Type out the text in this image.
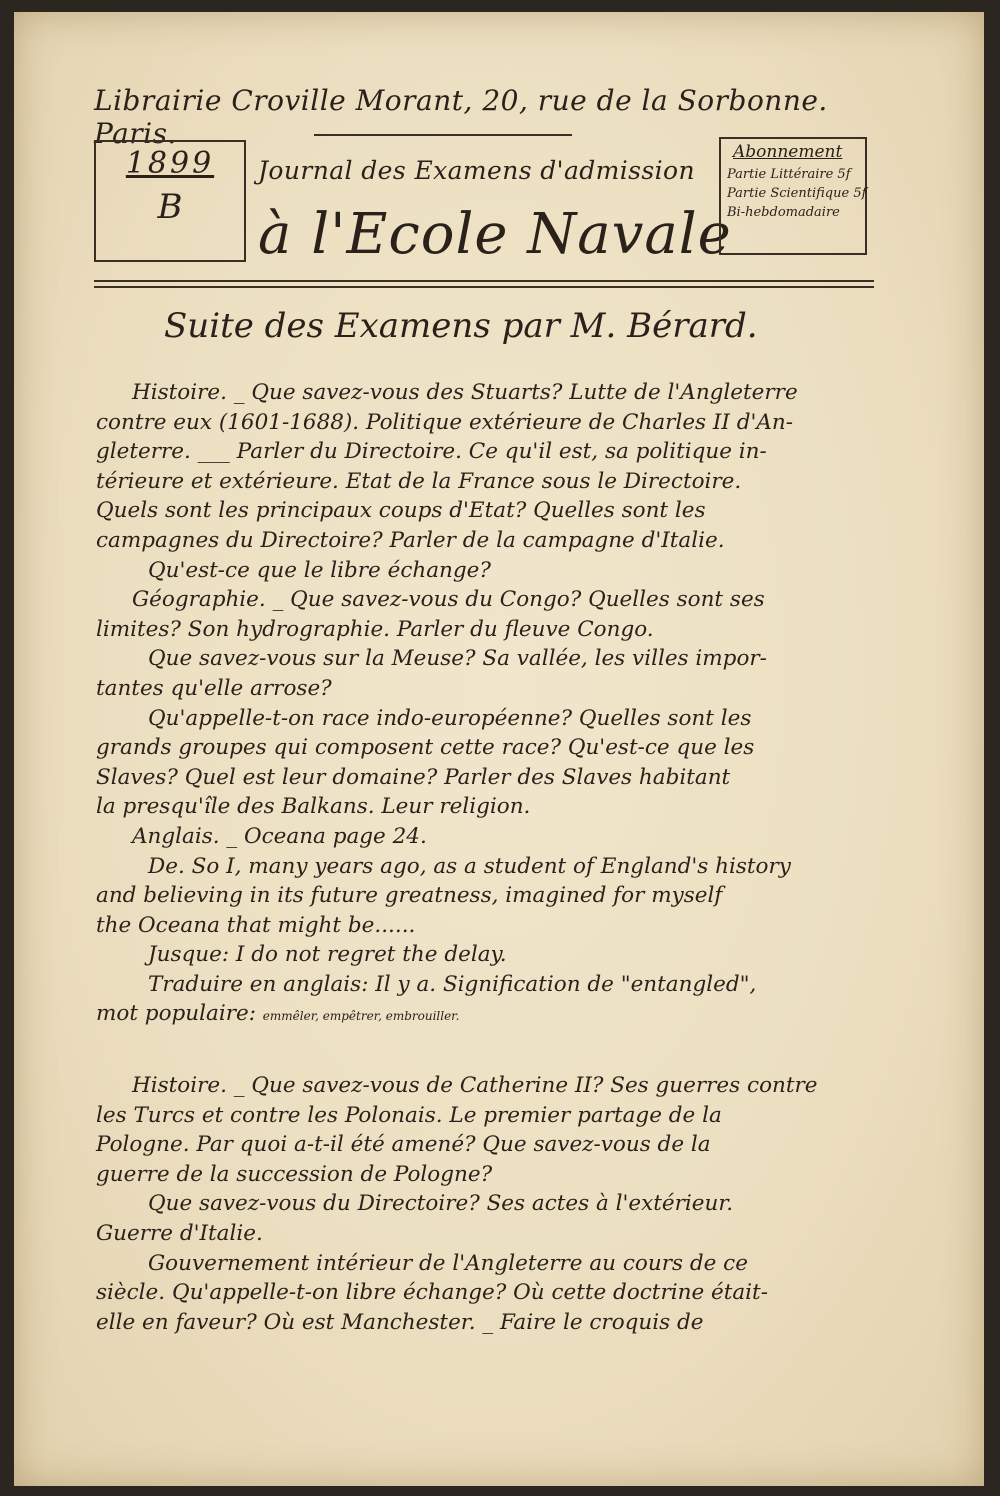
Librairie Croville Morant, 20, rue de la Sorbonne. Paris.
1899
B
Journal des Examens d'admission
à l'Ecole Navale
Abonnement
Partie Littéraire 5f
Partie Scientifique 5f
Bi-hebdomadaire
Suite des Examens par M. Bérard.
Histoire. _ Que savez-vous des Stuarts? Lutte de l'Angleterre
contre eux (1601-1688). Politique extérieure de Charles II d'An-
gleterre. ___ Parler du Directoire. Ce qu'il est, sa politique in-
térieure et extérieure. Etat de la France sous le Directoire.
Quels sont les principaux coups d'Etat? Quelles sont les
campagnes du Directoire? Parler de la campagne d'Italie.
Qu'est-ce que le libre échange?
Géographie. _ Que savez-vous du Congo? Quelles sont ses
limites? Son hydrographie. Parler du fleuve Congo.
Que savez-vous sur la Meuse? Sa vallée, les villes impor-
tantes qu'elle arrose?
Qu'appelle-t-on race indo-européenne? Quelles sont les
grands groupes qui composent cette race? Qu'est-ce que les
Slaves? Quel est leur domaine? Parler des Slaves habitant
la presqu'île des Balkans. Leur religion.
Anglais. _ Oceana page 24.
De. So I, many years ago, as a student of England's history
and believing in its future greatness, imagined for myself
the Oceana that might be......
Jusque: I do not regret the delay.
Traduire en anglais: Il y a. Signification de "entangled",
mot populaire: emmêler, empêtrer, embrouiller.
Histoire. _ Que savez-vous de Catherine II? Ses guerres contre
les Turcs et contre les Polonais. Le premier partage de la
Pologne. Par quoi a-t-il été amené? Que savez-vous de la
guerre de la succession de Pologne?
Que savez-vous du Directoire? Ses actes à l'extérieur.
Guerre d'Italie.
Gouvernement intérieur de l'Angleterre au cours de ce
siècle. Qu'appelle-t-on libre échange? Où cette doctrine était-
elle en faveur? Où est Manchester. _ Faire le croquis de
